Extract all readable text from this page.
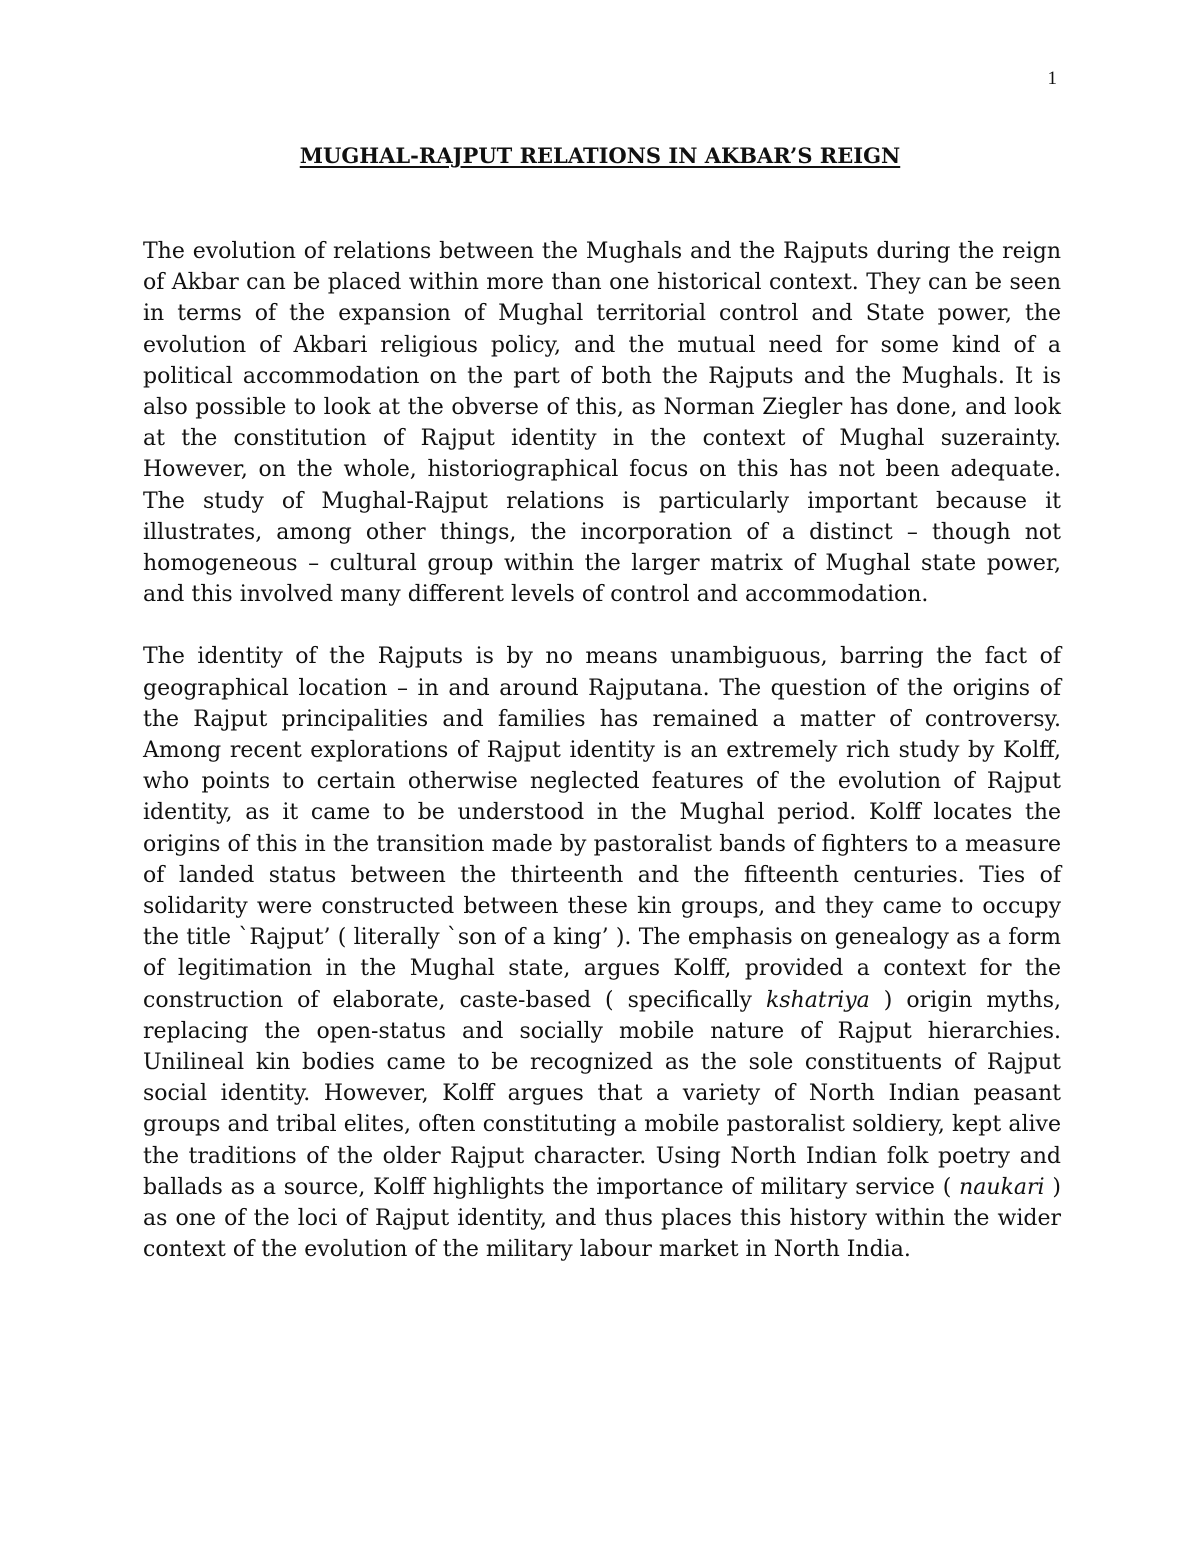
1
MUGHAL-RAJPUT RELATIONS IN AKBAR’S REIGN

The evolution of relations between the Mughals and the Rajputs during the reign of Akbar can be placed within more than one historical context. They can be seen in terms of the expansion of Mughal territorial control and State power, the evolution of Akbari religious policy, and the mutual need for some kind of a political accommodation on the part of both the Rajputs and the Mughals. It is also possible to look at the obverse of this, as Norman Ziegler has done, and look at the constitution of Rajput identity in the context of Mughal suzerainty. However, on the whole, historiographical focus on this has not been adequate. The study of Mughal-Rajput relations is particularly important because it illustrates, among other things, the incorporation of a distinct – though not homogeneous – cultural group within the larger matrix of Mughal state power, and this involved many different levels of control and accommodation.

The identity of the Rajputs is by no means unambiguous, barring the fact of geographical location – in and around Rajputana. The question of the origins of the Rajput principalities and families has remained a matter of controversy. Among recent explorations of Rajput identity is an extremely rich study by Kolff, who points to certain otherwise neglected features of the evolution of Rajput identity, as it came to be understood in the Mughal period. Kolff locates the origins of this in the transition made by pastoralist bands of fighters to a measure of landed status between the thirteenth and the fifteenth centuries. Ties of solidarity were constructed between these kin groups, and they came to occupy the title `Rajput’ ( literally `son of a king’ ). The emphasis on genealogy as a form of legitimation in the Mughal state, argues Kolff, provided a context for the construction of elaborate, caste-based ( specifically kshatriya ) origin myths, replacing the open-status and socially mobile nature of Rajput hierarchies. Unilineal kin bodies came to be recognized as the sole constituents of Rajput social identity. However, Kolff argues that a variety of North Indian peasant groups and tribal elites, often constituting a mobile pastoralist soldiery, kept alive the traditions of the older Rajput character. Using North Indian folk poetry and ballads as a source, Kolff highlights the importance of military service ( naukari ) as one of the loci of Rajput identity, and thus places this history within the wider context of the evolution of the military labour market in North India.
